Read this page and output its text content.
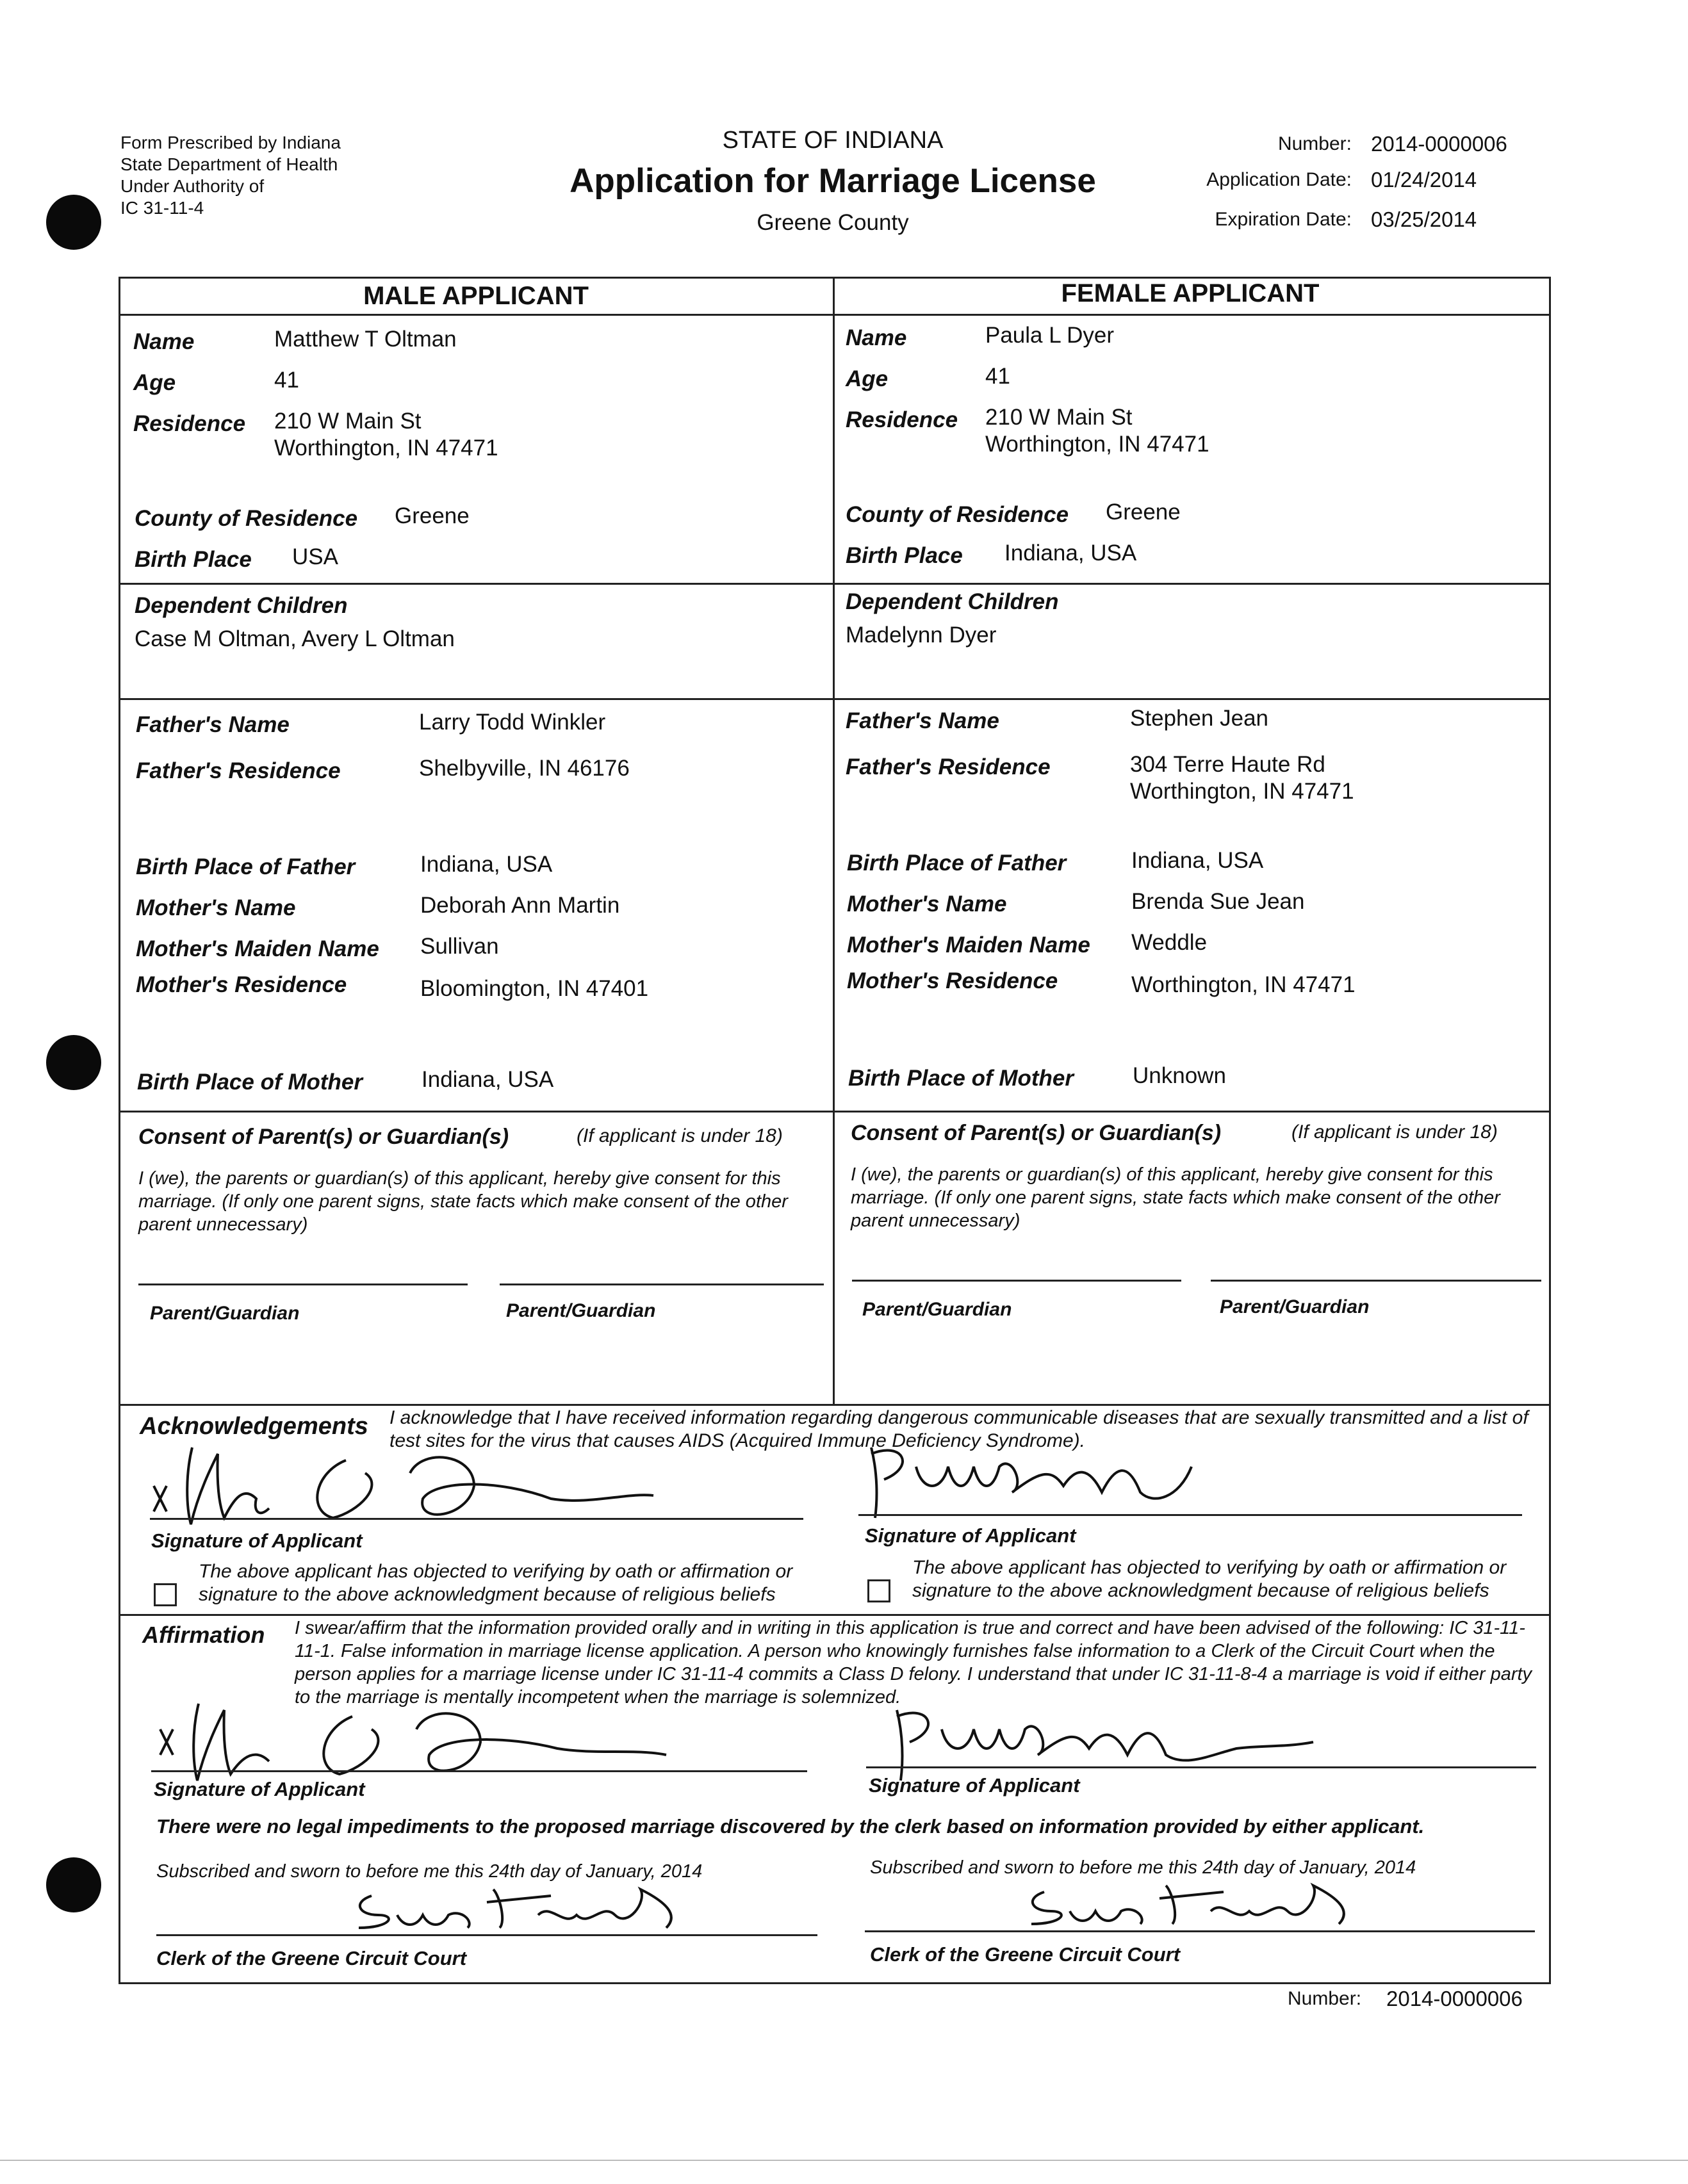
Form Prescribed by Indiana
State Department of Health
Under Authority of
IC 31-11-4
STATE OF INDIANA
Application for Marriage License
Greene County
Number: 2014-0000006
Application Date: 01/24/2014
Expiration Date: 03/25/2014
MALE APPLICANT	FEMALE APPLICANT
Name	Matthew T Oltman
Age	41
Residence 210 W Main St
Worthington, IN 47471
County of Residence Greene
Birth Place USA
Dependent Children
Case M Oltman, Avery L Oltman
Father's Name	Larry Todd Winkler
Father's Residence	Shelbyville, IN 46176
Birth Place of Father	Indiana, USA
Mother's Name	Deborah Ann Martin
Mother's Maiden Name Sullivan
Mother's Residence	Bloomington, IN 47401
Birth Place of Mother	Indiana, USA
Consent of Parent(s) or Guardian(s)	(If applicant is under 18)
I (we), the parents or guardian(s) of this applicant, hereby give consent for this marriage. (If only one parent signs, state facts which make consent of the other parent unnecessary)
Parent/Guardian	Parent/Guardian
Name	Paula L Dyer
Age	41
Residence 210 W Main St
Worthington, IN 47471
County of Residence Greene
Birth Place Indiana, USA
Dependent Children
Madelynn Dyer
Father's Name	Stephen Jean
Father's Residence	304 Terre Haute Rd
Worthington, IN 47471
Birth Place of Father	Indiana, USA
Mother's Name	Brenda Sue Jean
Mother's Maiden Name Weddle
Mother's Residence	Worthington, IN 47471
Birth Place of Mother	Unknown
Consent of Parent(s) or Guardian(s)	(If applicant is under 18)
I (we), the parents or guardian(s) of this applicant, hereby give consent for this marriage. (If only one parent signs, state facts which make consent of the other parent unnecessary)
Parent/Guardian	Parent/Guardian
Acknowledgements I acknowledge that I have received information regarding dangerous communicable diseases that are sexually transmitted and a list of test sites for the virus that causes AIDS (Acquired Immune Deficiency Syndrome).
Signature of Applicant
The above applicant has objected to verifying by oath or affirmation or signature to the above acknowledgment because of religious beliefs
Signature of Applicant
The above applicant has objected to verifying by oath or affirmation or signature to the above acknowledgment because of religious beliefs
Affirmation I swear/affirm that the information provided orally and in writing in this application is true and correct and have been advised of the following: IC 31-11-11-1. False information in marriage license application. A person who knowingly furnishes false information to a Clerk of the Circuit Court when the person applies for a marriage license under IC 31-11-4 commits a Class D felony. I understand that under IC 31-11-8-4 a marriage is void if either party to the marriage is mentally incompetent when the marriage is solemnized.
Signature of Applicant	Signature of Applicant
There were no legal impediments to the proposed marriage discovered by the clerk based on information provided by either applicant.
Subscribed and sworn to before me this 24th day of January, 2014
Clerk of the Greene Circuit Court
Subscribed and sworn to before me this 24th day of January, 2014
Clerk of the Greene Circuit Court
Number: 2014-0000006
